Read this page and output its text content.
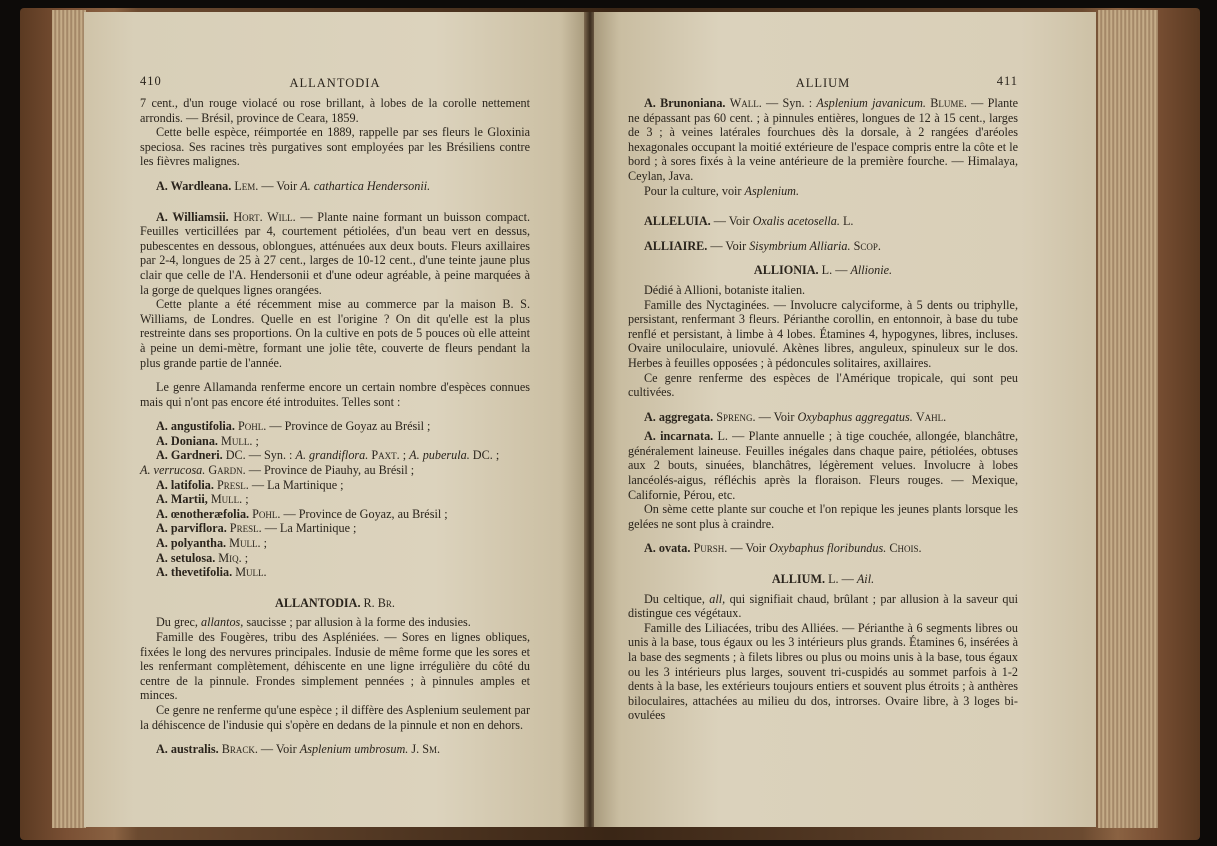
410	ALLANTODIA

7 cent., d'un rouge violacé ou rose brillant, à lobes de la corolle nettement arrondis. — Brésil, province de Ceara, 1859.

Cette belle espèce, réimportée en 1889, rappelle par ses fleurs le Gloxinia speciosa. Ses racines très purgatives sont employées par les Brésiliens contre les fièvres malignes.

A. Wardleana. Lem. — Voir A. cathartica Hendersonii.

A. Williamsii. Hort. Will. — Plante naine formant un buisson compact. Feuilles verticillées par 4, courtement pétiolées, d'un beau vert en dessus, pubescentes en dessous, oblongues, atténuées aux deux bouts. Fleurs axillaires par 2-4, longues de 25 à 27 cent., larges de 10-12 cent., d'une teinte jaune plus clair que celle de l'A. Hendersonii et d'une odeur agréable, à peine marquées à la gorge de quelques lignes orangées.

Cette plante a été récemment mise au commerce par la maison B. S. Williams, de Londres. Quelle en est l'origine ? On dit qu'elle est la plus restreinte dans ses proportions. On la cultive en pots de 5 pouces où elle atteint à peine un demi-mètre, formant une jolie tête, couverte de fleurs pendant la plus grande partie de l'année.

Le genre Allamanda renferme encore un certain nombre d'espèces connues mais qui n'ont pas encore été introduites. Telles sont :

A. angustifolia. Pohl. — Province de Goyaz au Brésil ;

A. Doniana. Mull. ;

A. Gardneri. DC. — Syn. : A. grandiflora. Paxt. ; A. puberula. DC. ;

A. verrucosa. Gardn. — Province de Piauhy, au Brésil ;

A. latifolia. Presl. — La Martinique ;

A. Martii, Mull. ;

A. œnotheræfolia. Pohl. — Province de Goyaz, au Brésil ;

A. parviflora. Presl. — La Martinique ;

A. polyantha. Mull. ;

A. setulosa. Miq. ;

A. thevetifolia. Mull.

ALLANTODIA. R. Br.

Du grec, allantos, saucisse ; par allusion à la forme des indusies.

Famille des Fougères, tribu des Aspléniées. — Sores en lignes obliques, fixées le long des nervures principales. Indusie de même forme que les sores et les renfermant complètement, déhiscente en une ligne irrégulière du côté du centre de la pinnule. Frondes simplement pennées ; à pinnules amples et minces.

Ce genre ne renferme qu'une espèce ; il diffère des Asplenium seulement par la déhiscence de l'indusie qui s'opère en dedans de la pinnule et non en dehors.

A. australis. Brack. — Voir Asplenium umbrosum. J. Sm.

ALLIUM	411

A. Brunoniana. Wall. — Syn. : Asplenium javanicum. Blume. — Plante ne dépassant pas 60 cent. ; à pinnules entières, longues de 12 à 15 cent., larges de 3 ; à veines latérales fourchues dès la dorsale, à 2 rangées d'aréoles hexagonales occupant la moitié extérieure de l'espace compris entre la côte et le bord ; à sores fixés à la veine antérieure de la première fourche. — Himalaya, Ceylan, Java.

Pour la culture, voir Asplenium.

ALLELUIA. — Voir Oxalis acetosella. L.

ALLIAIRE. — Voir Sisymbrium Alliaria. Scop.

ALLIONIA. L. — Allionie.

Dédié à Allioni, botaniste italien.

Famille des Nyctaginées. — Involucre calyciforme, à 5 dents ou triphylle, persistant, renfermant 3 fleurs. Périanthe corollin, en entonnoir, à base du tube renflé et persistant, à limbe à 4 lobes. Étamines 4, hypogynes, libres, incluses. Ovaire uniloculaire, uniovulé. Akènes libres, anguleux, spinuleux sur le dos. Herbes à feuilles opposées ; à pédoncules solitaires, axillaires.

Ce genre renferme des espèces de l'Amérique tropicale, qui sont peu cultivées.

A. aggregata. Spreng. — Voir Oxybaphus aggregatus. Vahl.

A. incarnata. L. — Plante annuelle ; à tige couchée, allongée, blanchâtre, généralement laineuse. Feuilles inégales dans chaque paire, pétiolées, obtuses aux 2 bouts, sinuées, blanchâtres, légèrement velues. Involucre à lobes lancéolés-aigus, réfléchis après la floraison. Fleurs rouges. — Mexique, Californie, Pérou, etc.

On sème cette plante sur couche et l'on repique les jeunes plants lorsque les gelées ne sont plus à craindre.

A. ovata. Pursh. — Voir Oxybaphus floribundus. Chois.

ALLIUM. L. — Ail.

Du celtique, all, qui signifiait chaud, brûlant ; par allusion à la saveur qui distingue ces végétaux.

Famille des Liliacées, tribu des Alliées. — Périanthe à 6 segments libres ou unis à la base, tous égaux ou les 3 intérieurs plus grands. Étamines 6, insérées à la base des segments ; à filets libres ou plus ou moins unis à la base, tous égaux ou les 3 intérieurs plus larges, souvent tri-cuspidés au sommet parfois à 1-2 dents à la base, les extérieurs toujours entiers et souvent plus étroits ; à anthères biloculaires, attachées au milieu du dos, introrses. Ovaire libre, à 3 loges bi-ovulées
